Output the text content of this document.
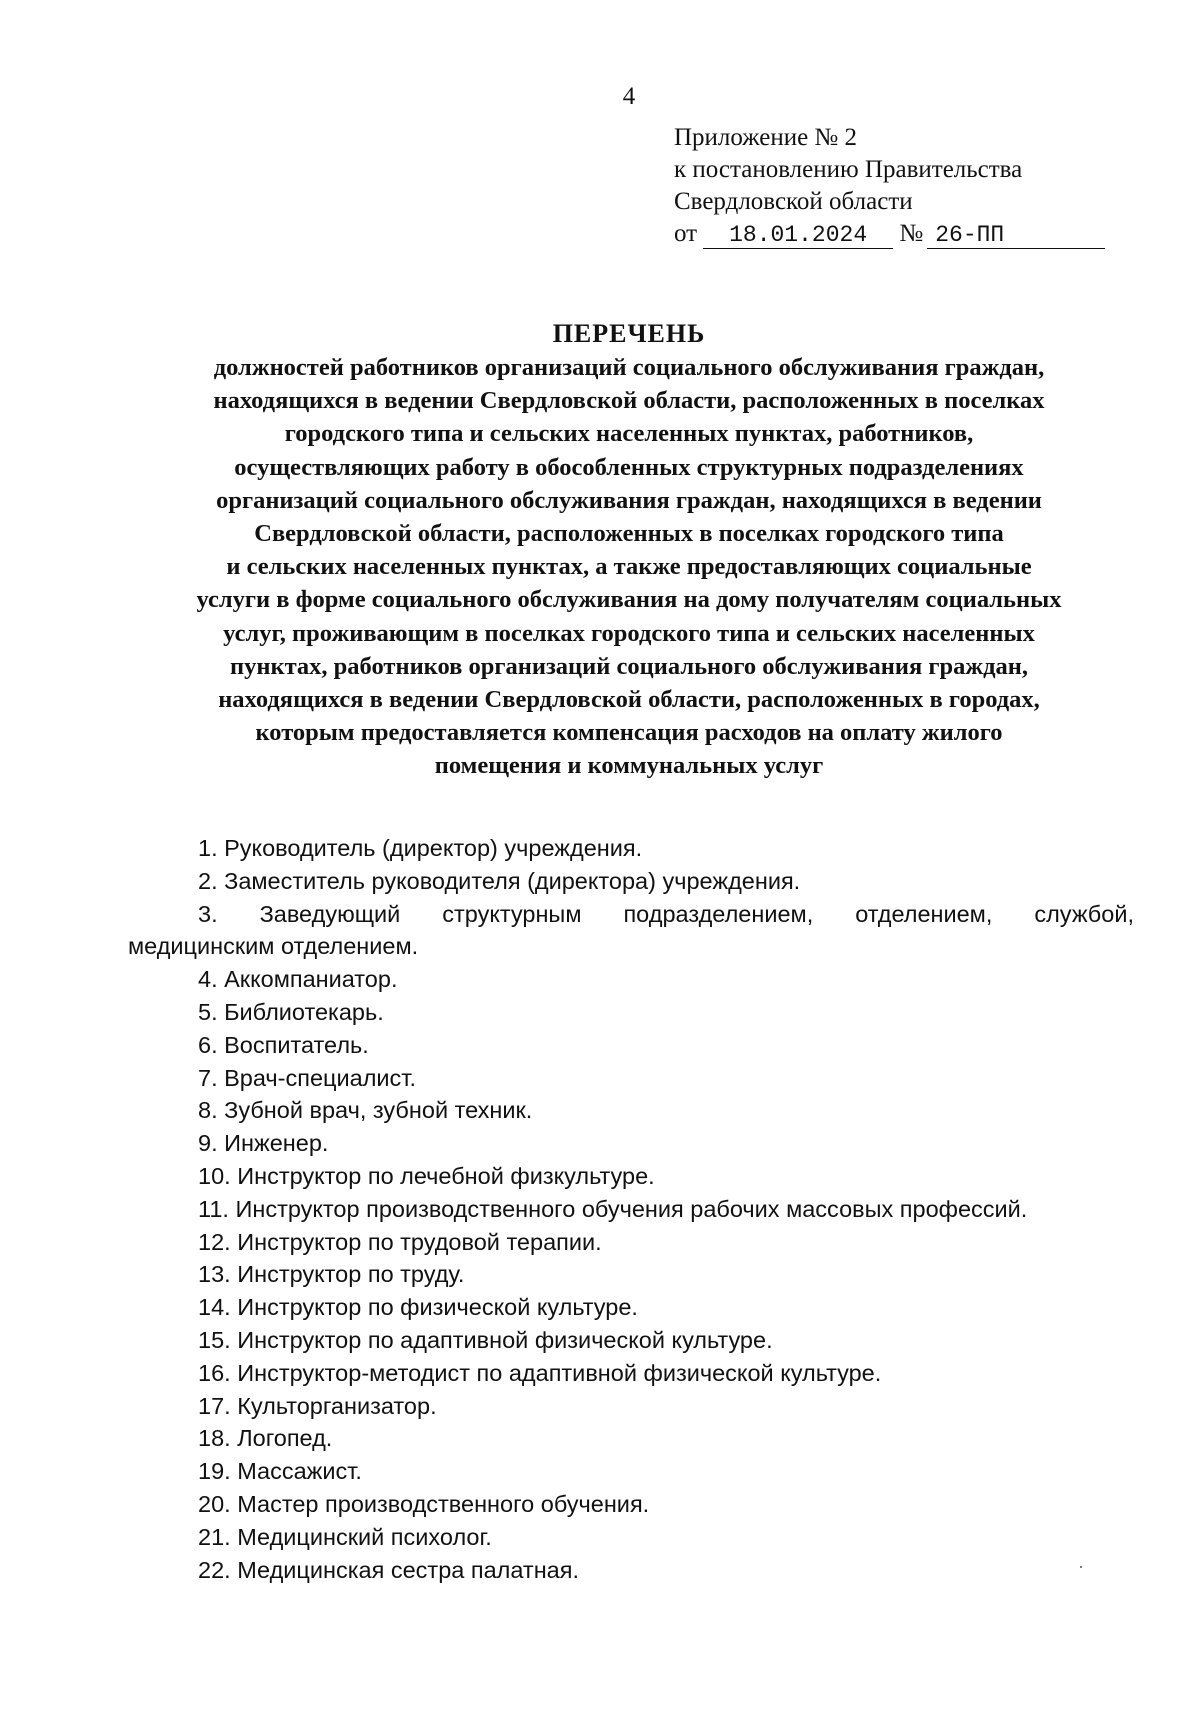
4
Приложение № 2
к постановлению Правительства
Свердловской области
от 18.01.2024 № 26-ПП
ПЕРЕЧЕНЬ
должностей работников организаций социального обслуживания граждан,
находящихся в ведении Свердловской области, расположенных в поселках
городского типа и сельских населенных пунктах, работников,
осуществляющих работу в обособленных структурных подразделениях
организаций социального обслуживания граждан, находящихся в ведении
Свердловской области, расположенных в поселках городского типа
и сельских населенных пунктах, а также предоставляющих социальные
услуги в форме социального обслуживания на дому получателям социальных
услуг, проживающим в поселках городского типа и сельских населенных
пунктах, работников организаций социального обслуживания граждан,
находящихся в ведении Свердловской области, расположенных в городах,
которым предоставляется компенсация расходов на оплату жилого
помещения и коммунальных услуг
1. Руководитель (директор) учреждения.
2. Заместитель руководителя (директора) учреждения.
3. Заведующий структурным подразделением, отделением, службой,
медицинским отделением.
4. Аккомпаниатор.
5. Библиотекарь.
6. Воспитатель.
7. Врач-специалист.
8. Зубной врач, зубной техник.
9. Инженер.
10. Инструктор по лечебной физкультуре.
11. Инструктор производственного обучения рабочих массовых профессий.
12. Инструктор по трудовой терапии.
13. Инструктор по труду.
14. Инструктор по физической культуре.
15. Инструктор по адаптивной физической культуре.
16. Инструктор-методист по адаптивной физической культуре.
17. Культорганизатор.
18. Логопед.
19. Массажист.
20. Мастер производственного обучения.
21. Медицинский психолог.
22. Медицинская сестра палатная.
